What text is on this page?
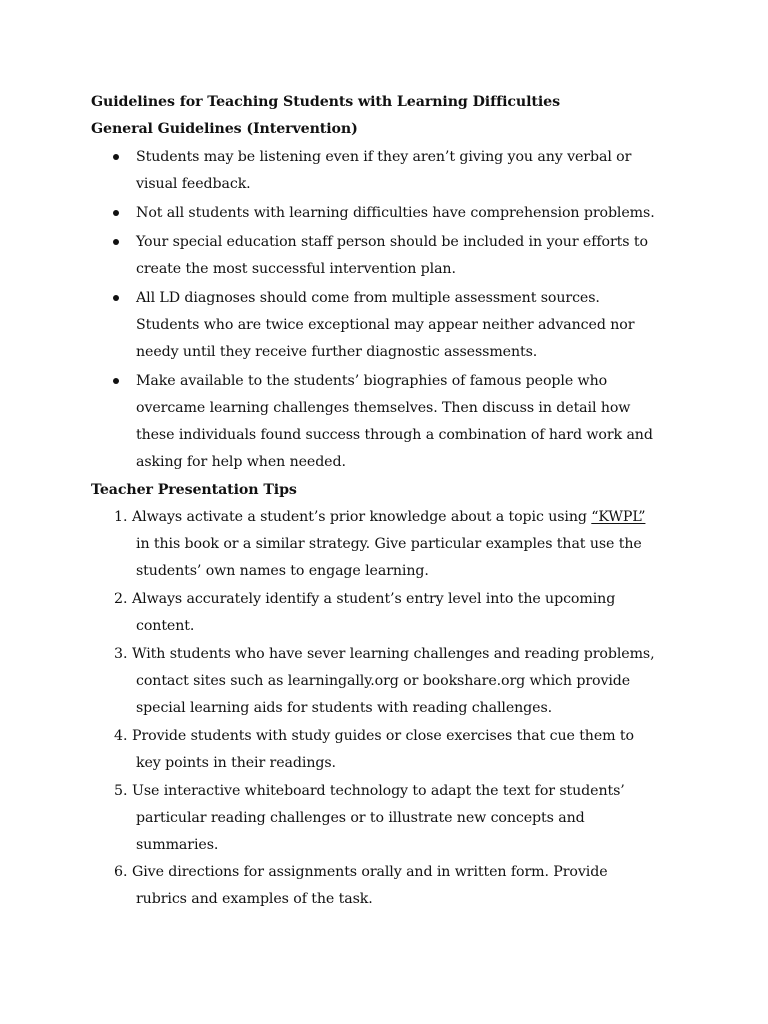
Guidelines for Teaching Students with Learning Difficulties
General Guidelines (Intervention)
Students may be listening even if they aren’t giving you any verbal or
visual feedback.
Not all students with learning difficulties have comprehension problems.
Your special education staff person should be included in your efforts to
create the most successful intervention plan.
All LD diagnoses should come from multiple assessment sources.
Students who are twice exceptional may appear neither advanced nor
needy until they receive further diagnostic assessments.
Make available to the students’ biographies of famous people who
overcame learning challenges themselves. Then discuss in detail how
these individuals found success through a combination of hard work and
asking for help when needed.
Teacher Presentation Tips
1. Always activate a student’s prior knowledge about a topic using “KWPL”
in this book or a similar strategy. Give particular examples that use the
students’ own names to engage learning.
2. Always accurately identify a student’s entry level into the upcoming
content.
3. With students who have sever learning challenges and reading problems,
contact sites such as learningally.org or bookshare.org which provide
special learning aids for students with reading challenges.
4. Provide students with study guides or close exercises that cue them to
key points in their readings.
5. Use interactive whiteboard technology to adapt the text for students’
particular reading challenges or to illustrate new concepts and
summaries.
6. Give directions for assignments orally and in written form. Provide
rubrics and examples of the task.
